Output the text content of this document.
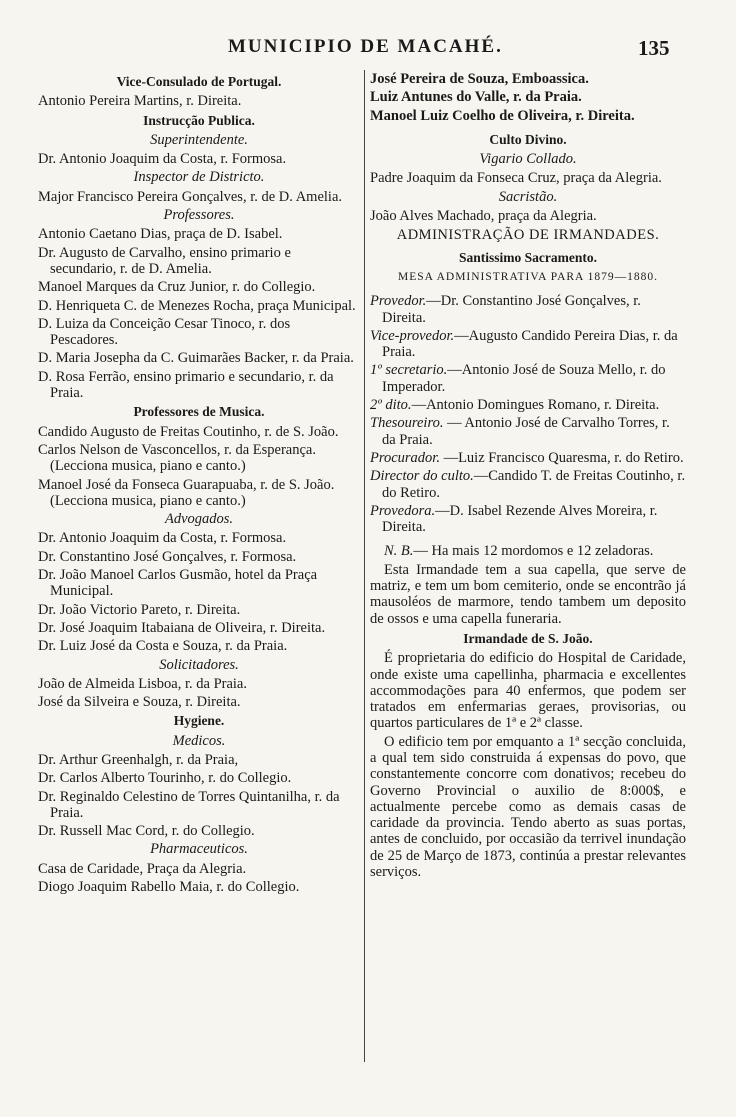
MUNICIPIO DE MACAHÉ.	135
Vice-Consulado de Portugal.
Antonio Pereira Martins, r. Direita.
Instrucção Publica.
Superintendente.
Dr. Antonio Joaquim da Costa, r. Formosa.
Inspector de Districto.
Major Francisco Pereira Gonçalves, r. de D. Amelia.
Professores.
Antonio Caetano Dias, praça de D. Isabel.
Dr. Augusto de Carvalho, ensino primario e secundario, r. de D. Amelia.
Manoel Marques da Cruz Junior, r. do Collegio.
D. Henriqueta C. de Menezes Rocha, praça Municipal.
D. Luiza da Conceição Cesar Tinoco, r. dos Pescadores.
D. Maria Josepha da C. Guimarães Backer, r. da Praia.
D. Rosa Ferrão, ensino primario e secundario, r. da Praia.
Professores de Musica.
Candido Augusto de Freitas Coutinho, r. de S. João.
Carlos Nelson de Vasconcellos, r. da Esperança. (Lecciona musica, piano e canto.)
Manoel José da Fonseca Guarapuaba, r. de S. João. (Lecciona musica, piano e canto.)
Advogados.
Dr. Antonio Joaquim da Costa, r. Formosa.
Dr. Constantino José Gonçalves, r. Formosa.
Dr. João Manoel Carlos Gusmão, hotel da Praça Municipal.
Dr. João Victorio Pareto, r. Direita.
Dr. José Joaquim Itabaiana de Oliveira, r. Direita.
Dr. Luiz José da Costa e Souza, r. da Praia.
Solicitadores.
João de Almeida Lisboa, r. da Praia.
José da Silveira e Souza, r. Direita.
Hygiene.
Medicos.
Dr. Arthur Greenhalgh, r. da Praia,
Dr. Carlos Alberto Tourinho, r. do Collegio.
Dr. Reginaldo Celestino de Torres Quintanilha, r. da Praia.
Dr. Russell Mac Cord, r. do Collegio.
Pharmaceuticos.
Casa de Caridade, Praça da Alegria.
Diogo Joaquim Rabello Maia, r. do Collegio.
José Pereira de Souza, Emboassica.
Luiz Antunes do Valle, r. da Praia.
Manoel Luiz Coelho de Oliveira, r. Direita.
Culto Divino.
Vigario Collado.
Padre Joaquim da Fonseca Cruz, praça da Alegria.
Sacristão.
João Alves Machado, praça da Alegria.
ADMINISTRAÇÃO DE IRMANDADES.
Santissimo Sacramento.
MESA ADMINISTRATIVA PARA 1879—1880.
Provedor.—Dr. Constantino José Gonçalves, r. Direita.
Vice-provedor.—Augusto Candido Pereira Dias, r. da Praia.
1º secretario.—Antonio José de Souza Mello, r. do Imperador.
2º dito.—Antonio Domingues Romano, r. Direita.
Thesoureiro. — Antonio José de Carvalho Torres, r. da Praia.
Procurador. —Luiz Francisco Quaresma, r. do Retiro.
Director do culto.—Candido T. de Freitas Coutinho, r. do Retiro.
Provedora.—D. Isabel Rezende Alves Moreira, r. Direita.
N. B.— Ha mais 12 mordomos e 12 zeladoras.
Esta Irmandade tem a sua capella, que serve de matriz, e tem um bom cemiterio, onde se encontrão já mausoléos de marmore, tendo tambem um deposito de ossos e uma capella funeraria.
Irmandade de S. João.
É proprietaria do edificio do Hospital de Caridade, onde existe uma capellinha, pharmacia e excellentes accommodações para 40 enfermos, que podem ser tratados em enfermarias geraes, provisorias, ou quartos particulares de 1ª e 2ª classe.
O edificio tem por emquanto a 1ª secção concluida, a qual tem sido construida á expensas do povo, que constantemente concorre com donativos; recebeu do Governo Provincial o auxilio de 8:000$, e actualmente percebe como as demais casas de caridade da provincia. Tendo aberto as suas portas, antes de concluido, por occasião da terrivel inundação de 25 de Março de 1873, continúa a prestar relevantes serviços.
